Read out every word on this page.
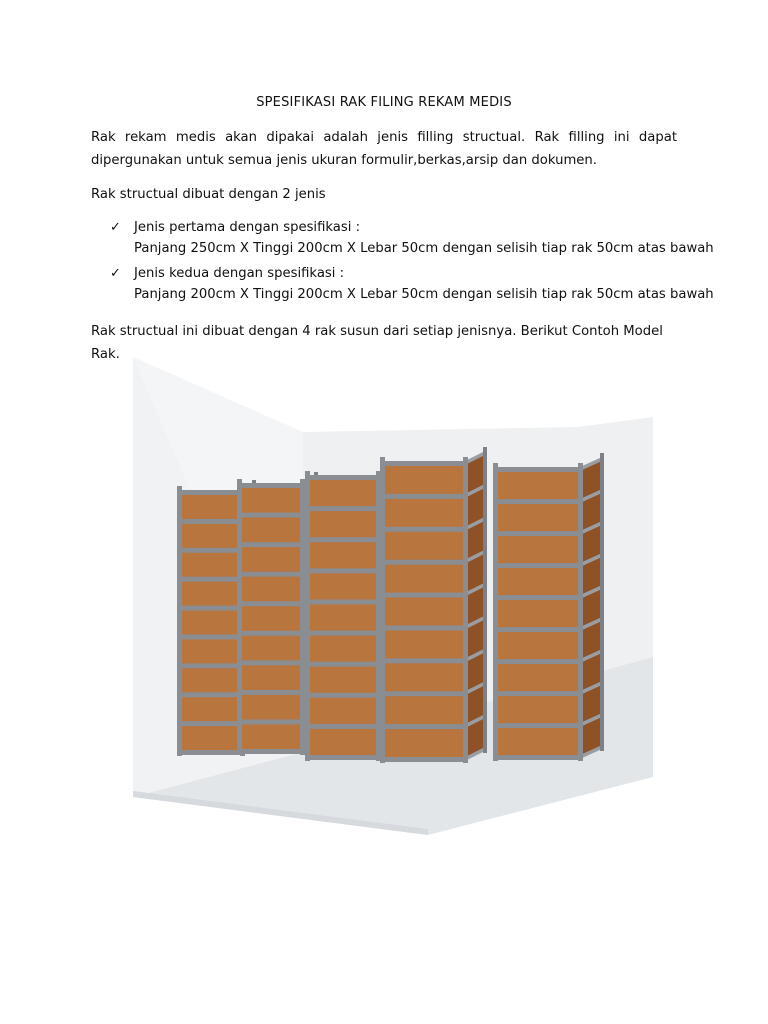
SPESIFIKASI RAK FILING REKAM MEDIS
Rak rekam medis akan dipakai adalah jenis filling structual. Rak filling ini dapat dipergunakan untuk semua jenis ukuran formulir,berkas,arsip dan dokumen.
Rak structual dibuat dengan 2 jenis
✓ Jenis pertama dengan spesifikasi :
Panjang 250cm X Tinggi 200cm X Lebar 50cm dengan selisih tiap rak 50cm atas bawah
✓ Jenis kedua dengan spesifikasi :
Panjang 200cm X Tinggi 200cm X Lebar 50cm dengan selisih tiap rak 50cm atas bawah
Rak structual ini dibuat dengan 4 rak susun dari setiap jenisnya. Berikut Contoh Model Rak.
